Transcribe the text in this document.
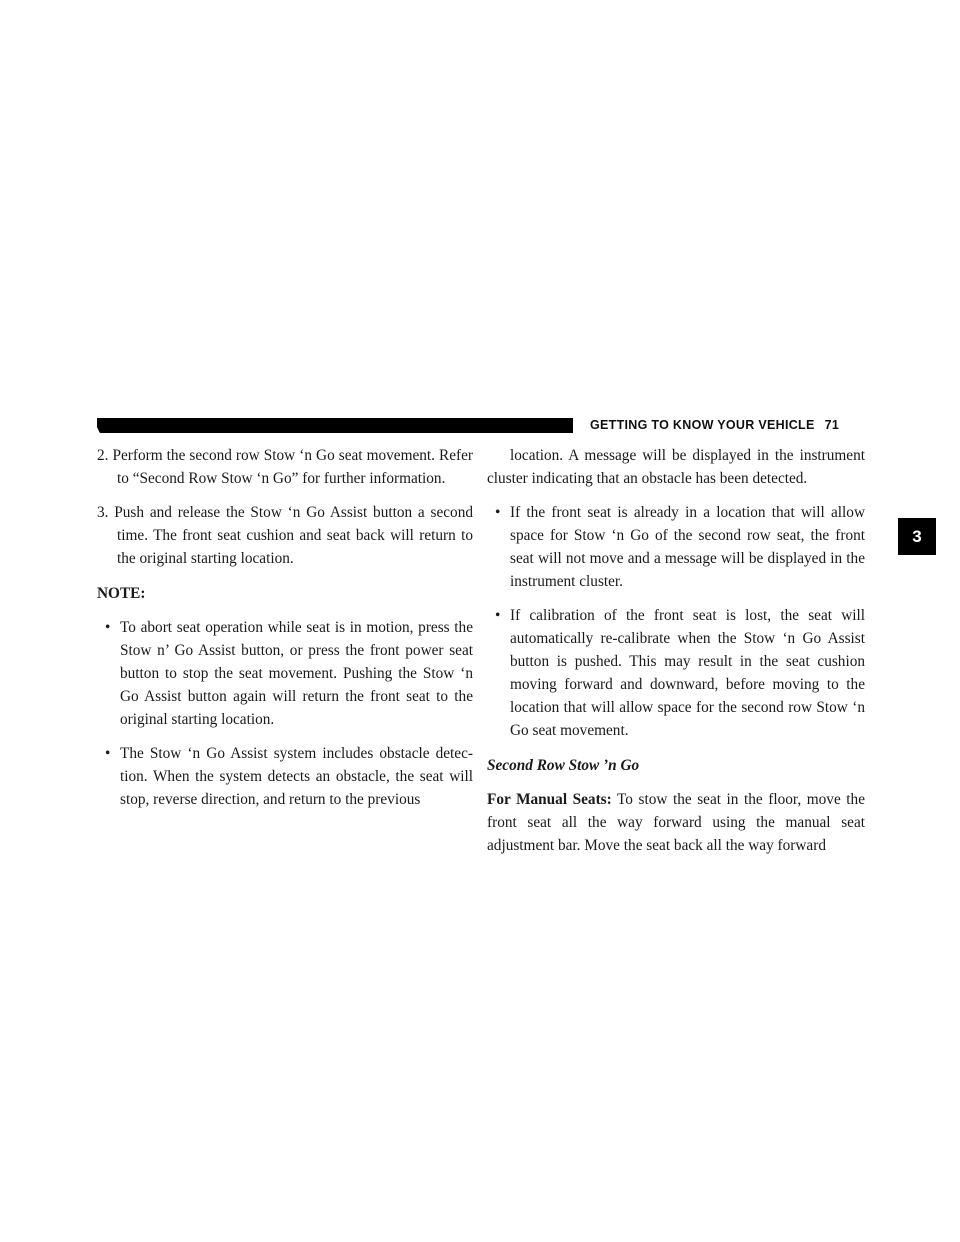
GETTING TO KNOW YOUR VEHICLE 71
3

2. Perform the second row Stow ‘n Go seat movement. Refer to “Second Row Stow ‘n Go” for further information.

3. Push and release the Stow ‘n Go Assist button a second time. The front seat cushion and seat back will return to the original starting location.

NOTE:

• To abort seat operation while seat is in motion, press the Stow n’ Go Assist button, or press the front power seat button to stop the seat movement. Pushing the Stow ‘n Go Assist button again will return the front seat to the original starting location.
• The Stow ‘n Go Assist system includes obstacle detection. When the system detects an obstacle, the seat will stop, reverse direction, and return to the previous

location. A message will be displayed in the instrument cluster indicating that an obstacle has been detected.

• If the front seat is already in a location that will allow space for Stow ‘n Go of the second row seat, the front seat will not move and a message will be displayed in the instrument cluster.
• If calibration of the front seat is lost, the seat will automatically re-calibrate when the Stow ‘n Go Assist button is pushed. This may result in the seat cushion moving forward and downward, before moving to the location that will allow space for the second row Stow ‘n Go seat movement.

Second Row Stow ’n Go

For Manual Seats: To stow the seat in the floor, move the front seat all the way forward using the manual seat adjustment bar. Move the seat back all the way forward
